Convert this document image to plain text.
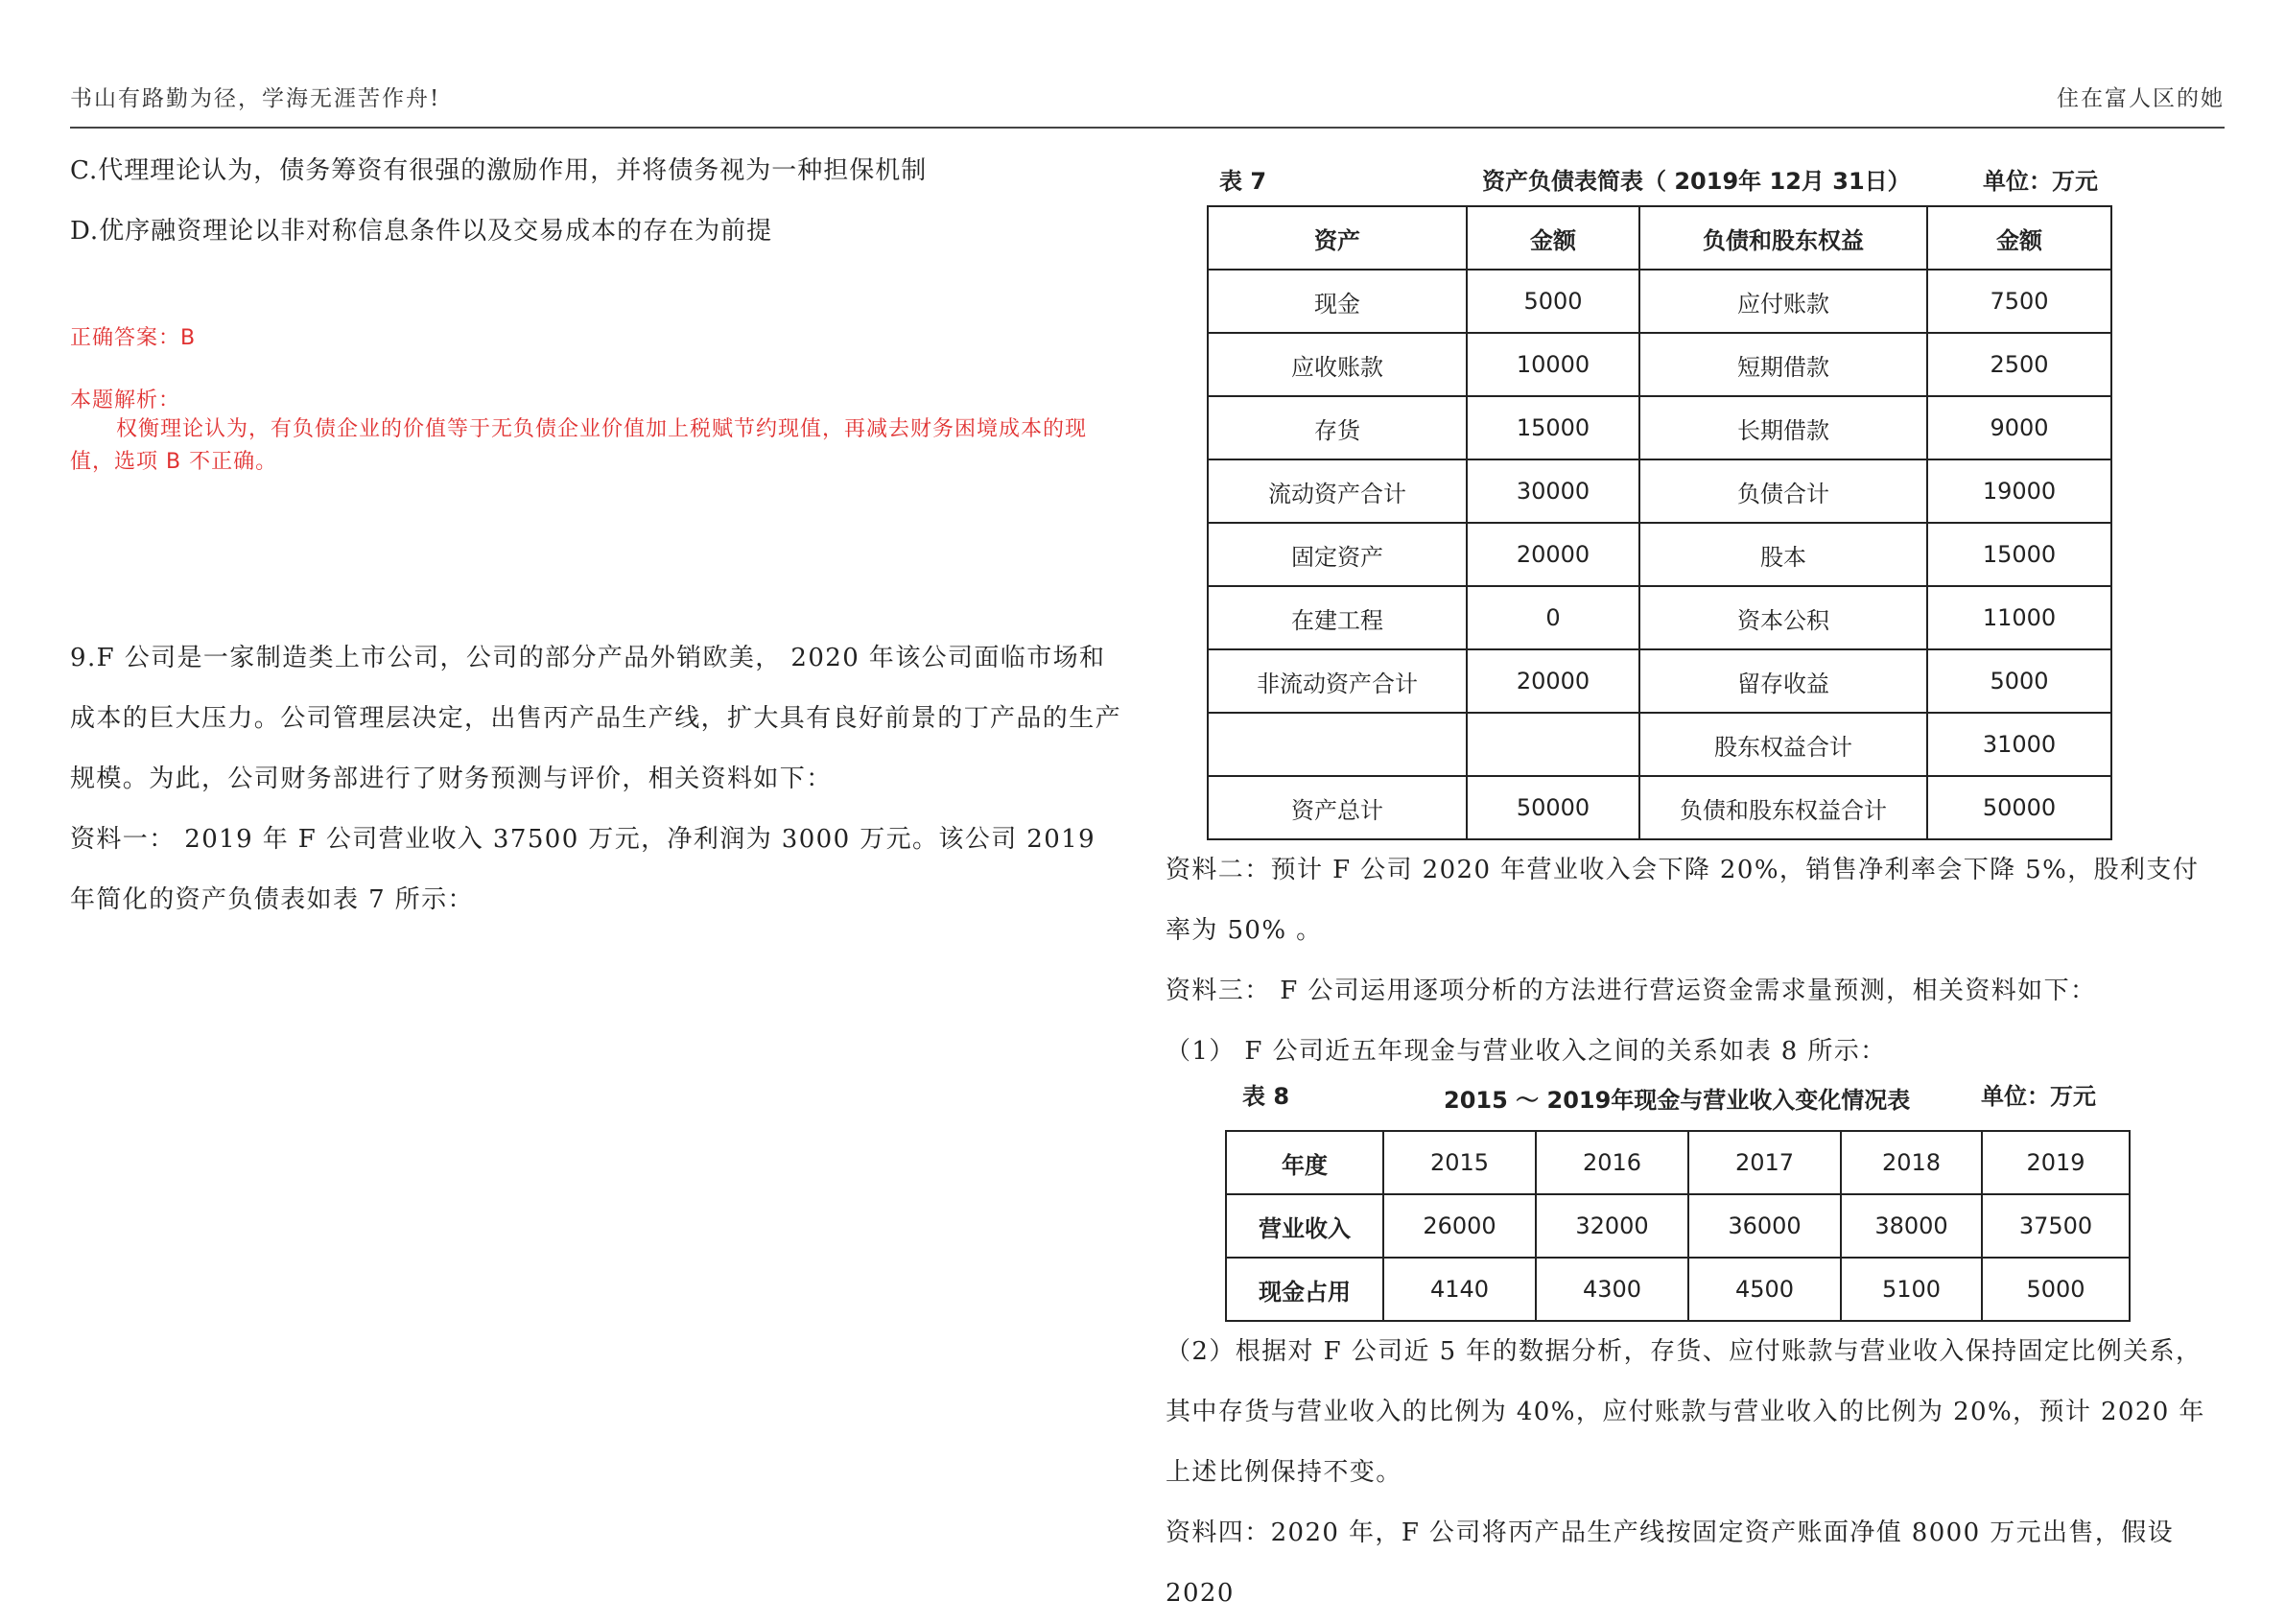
书山有路勤为径，学海无涯苦作舟!	住在富人区的她

C.代理理论认为，债务筹资有很强的激励作用，并将债务视为一种担保机制

D.优序融资理论以非对称信息条件以及交易成本的存在为前提

正确答案：B
本题解析：
权衡理论认为，有负债企业的价值等于无负债企业价值加上税赋节约现值，再减去财务困境成本的现值，选项 B 不正确。

9.F 公司是一家制造类上市公司，公司的部分产品外销欧美， 2020 年该公司面临市场和成本的巨大压力。公司管理层决定，出售丙产品生产线，扩大具有良好前景的丁产品的生产规模。为此，公司财务部进行了财务预测与评价，相关资料如下：

资料一： 2019 年 F 公司营业收入 37500 万元，净利润为 3000 万元。该公司 2019 年简化的资产负债表如表 7 所示：

表 7	资产负债表简表（ 2019年 12月 31日）	单位：万元
资产	金额	负债和股东权益	金额
现金	5000	应付账款	7500
应收账款	10000	短期借款	2500
存货	15000	长期借款	9000
流动资产合计	30000	负债合计	19000
固定资产	20000	股本	15000
在建工程	0	资本公积	11000
非流动资产合计	20000	留存收益	5000
		股东权益合计	31000
资产总计	50000	负债和股东权益合计	50000

资料二：预计 F 公司 2020 年营业收入会下降 20%，销售净利率会下降 5%，股利支付率为 50% 。

资料三： F 公司运用逐项分析的方法进行营运资金需求量预测，相关资料如下：

（1） F 公司近五年现金与营业收入之间的关系如表 8 所示：

表 8	2015 ～ 2019年现金与营业收入变化情况表	单位：万元
年度	2015	2016	2017	2018	2019
营业收入	26000	32000	36000	38000	37500
现金占用	4140	4300	4500	5100	5000

（2）根据对 F 公司近 5 年的数据分析，存货、应付账款与营业收入保持固定比例关系，其中存货与营业收入的比例为 40%，应付账款与营业收入的比例为 20%，预计 2020 年上述比例保持不变。

资料四：2020 年，F 公司将丙产品生产线按固定资产账面净值 8000 万元出售，假设 2020
